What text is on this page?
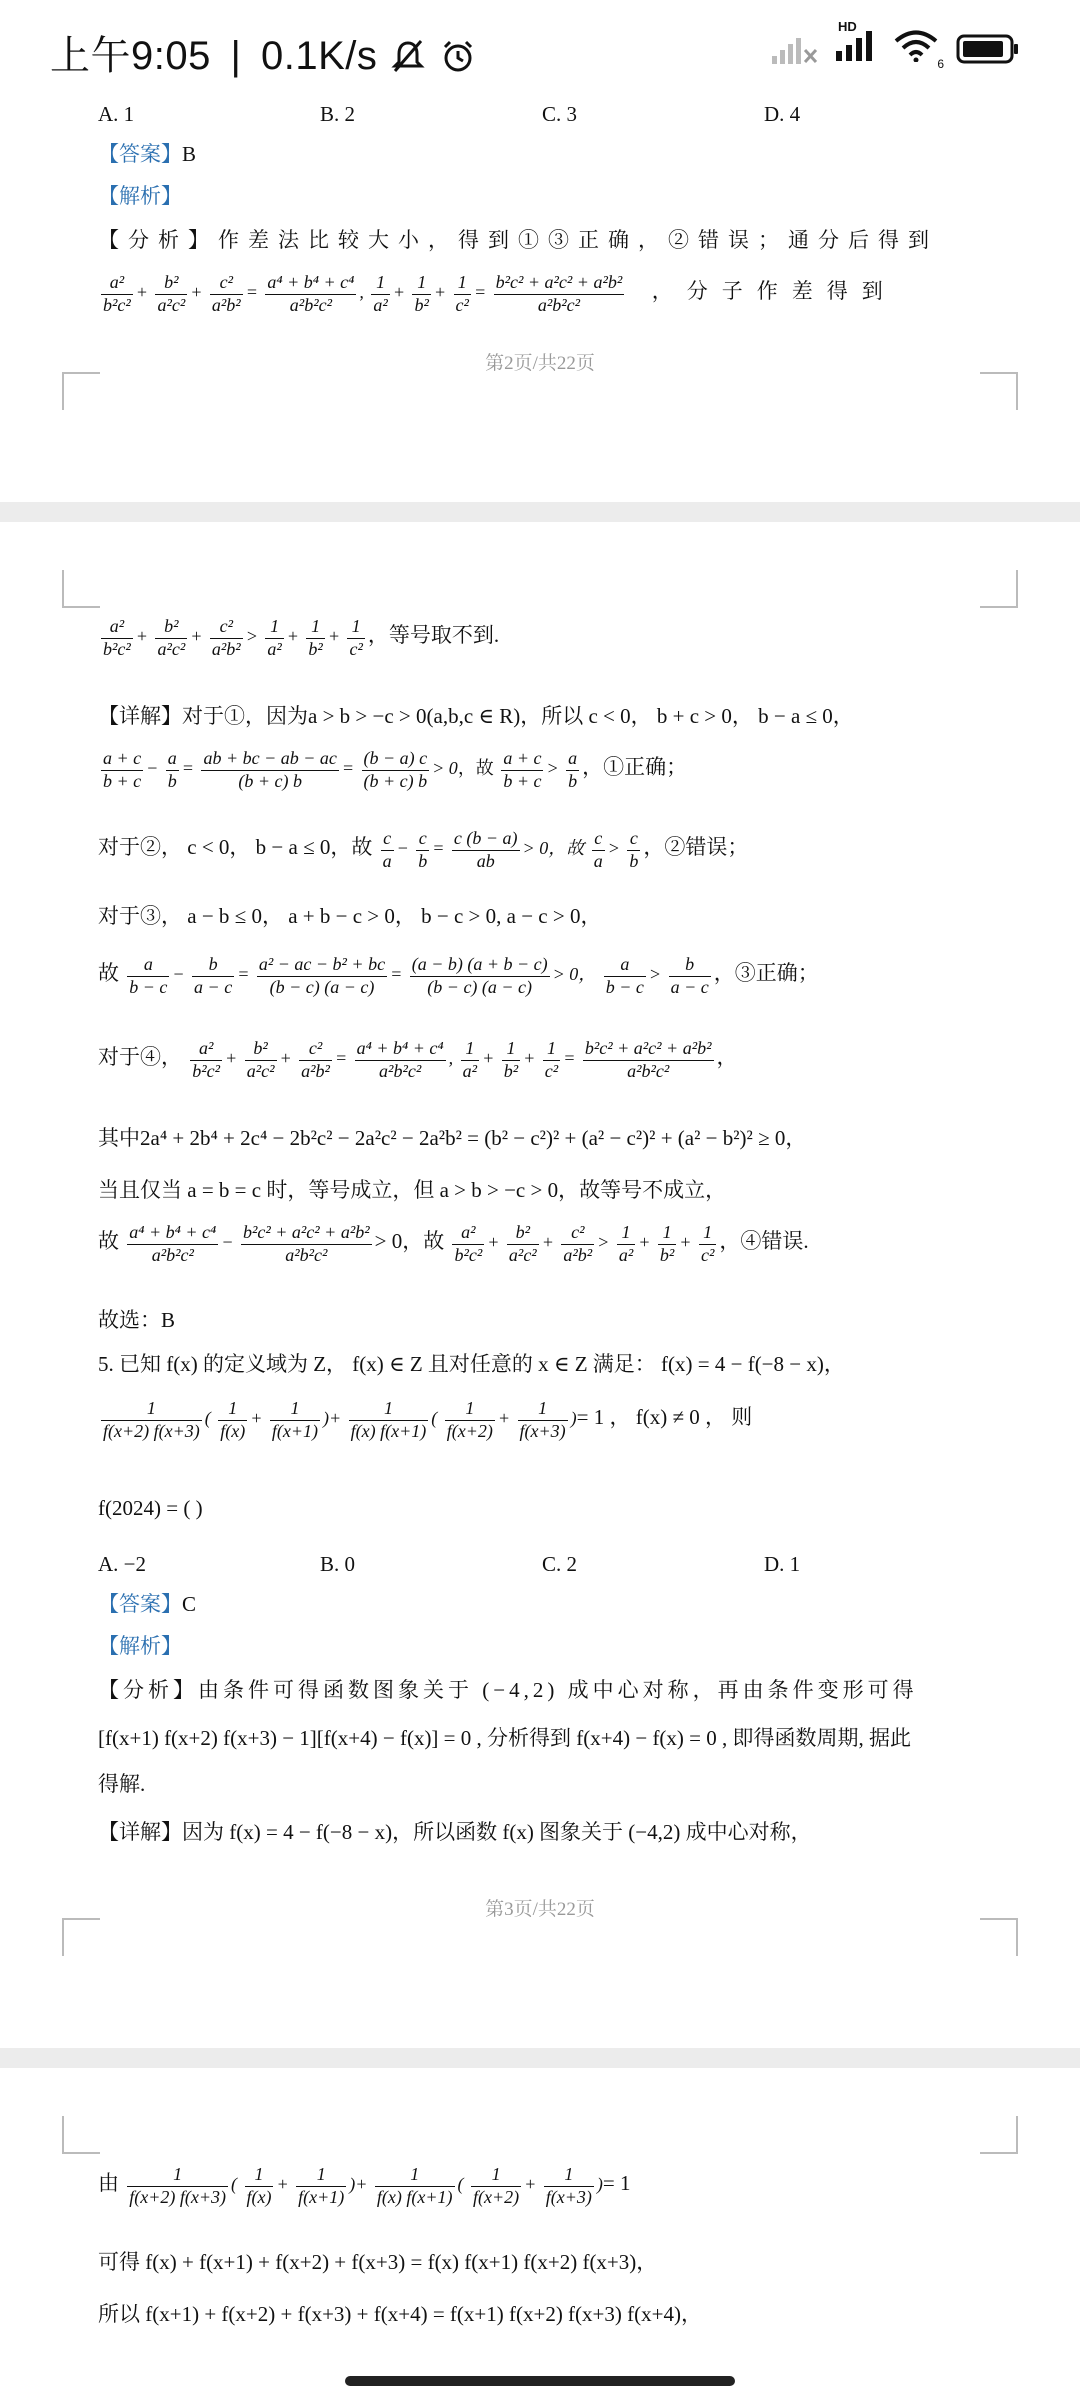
上午9:05 | 0.1K/s
HD
6
A. 1	B. 2	C. 3	D. 4
【答案】B
【解析】
【分析】作差法比较大小，得到①③正确，②错误；通分后得到
$\frac{\text{a²}}{\text{b²c²}} + \frac{\text{b²}}{\text{a²c²}} + \frac{\text{c²}}{\text{a²b²}} = \frac{\text{a⁴ + b⁴ + c⁴}}{\text{a²b²c²}}$ , $\frac{1}{\text{a²}} + \frac{1}{\text{b²}} + \frac{1}{\text{c²}} = \frac{\text{b²c² + a²c² + a²b²}}{\text{a²b²c²}}$ ，分子作差得到
第2页/共22页
$\frac{\text{a²}}{\text{b²c²}} + \frac{\text{b²}}{\text{a²c²}} + \frac{\text{c²}}{\text{a²b²}} > \frac{1}{\text{a²}} + \frac{1}{\text{b²}} + \frac{1}{\text{c²}}$ ，等号取不到.
【详解】对于①，因为a > b > −c > 0(a,b,c ∈ R)，所以 c < 0， b + c > 0， b − a ≤ 0，
$\frac{a + c}{b + c} - \frac{a}{b} = \frac{ab + bc - ab - ac}{(b + c) b} = \frac{(b - a) c}{(b + c) b} > 0$，故 $\frac{a + c}{b + c} > \frac{a}{b}$ ，①正确；
对于②， c < 0， b − a ≤ 0，故 $\frac{c}{a} - \frac{c}{b} = \frac{c (b - a)}{ab} > 0$，故 $\frac{c}{a} > \frac{c}{b}$ ，②错误；
对于③， a − b ≤ 0， a + b − c > 0， b − c > 0, a − c > 0，
故 $\frac{a}{b - c} - \frac{b}{a - c} = \frac{\text{a² − ac − b² + bc}}{(b - c) (a - c)} = \frac{(a - b) (a + b - c)}{(b - c) (a - c)} > 0$， $\frac{a}{b - c} > \frac{b}{a - c}$ ，③正确；
对于④， $\frac{\text{a²}}{\text{b²c²}} + \frac{\text{b²}}{\text{a²c²}} + \frac{\text{c²}}{\text{a²b²}} = \frac{\text{a⁴ + b⁴ + c⁴}}{\text{a²b²c²}}$ , $\frac{1}{\text{a²}} + \frac{1}{\text{b²}} + \frac{1}{\text{c²}} = \frac{\text{b²c² + a²c² + a²b²}}{\text{a²b²c²}}$ ，
其中2a⁴ + 2b⁴ + 2c⁴ − 2b²c² − 2a²c² − 2a²b² = (b² − c²)² + (a² − c²)² + (a² − b²)² ≥ 0，
当且仅当 a = b = c 时，等号成立，但 a > b > −c > 0，故等号不成立，
故 $\frac{\text{a⁴ + b⁴ + c⁴}}{\text{a²b²c²}} - \frac{\text{b²c² + a²c² + a²b²}}{\text{a²b²c²}} > 0$，故 $\frac{\text{a²}}{\text{b²c²}} + \frac{\text{b²}}{\text{a²c²}} + \frac{\text{c²}}{\text{a²b²}} > \frac{1}{\text{a²}} + \frac{1}{\text{b²}} + \frac{1}{\text{c²}}$ ，④错误.
故选：B
5. 已知 f(x) 的定义域为 Z， f(x) ∈ Z 且对任意的 x ∈ Z 满足： f(x) = 4 − f(−8 − x)，
$\frac{1}{f(x+2) f(x+3)}$ ( $\frac{1}{f(x)} + \frac{1}{f(x+1)}$ )+ $\frac{1}{f(x) f(x+1)}$ ( $\frac{1}{f(x+2)} + \frac{1}{f(x+3)}$ )= 1 ， f(x) ≠ 0 ， 则
f(2024) = ( )
A. −2	B. 0	C. 2	D. 1
【答案】C
【解析】
【分析】由条件可得函数图象关于 (−4,2) 成中心对称，再由条件变形可得
[f(x+1) f(x+2) f(x+3) − 1][f(x+4) − f(x)] = 0 , 分析得到 f(x+4) − f(x) = 0 , 即得函数周期, 据此
得解.
【详解】因为 f(x) = 4 − f(−8 − x)，所以函数 f(x) 图象关于 (−4,2) 成中心对称，
第3页/共22页
由 $\frac{1}{f(x+2) f(x+3)}$ ( $\frac{1}{f(x)} + \frac{1}{f(x+1)}$ )+ $\frac{1}{f(x) f(x+1)}$ ( $\frac{1}{f(x+2)} + \frac{1}{f(x+3)}$ )= 1
可得 f(x) + f(x+1) + f(x+2) + f(x+3) = f(x) f(x+1) f(x+2) f(x+3)，
所以 f(x+1) + f(x+2) + f(x+3) + f(x+4) = f(x+1) f(x+2) f(x+3) f(x+4)，
